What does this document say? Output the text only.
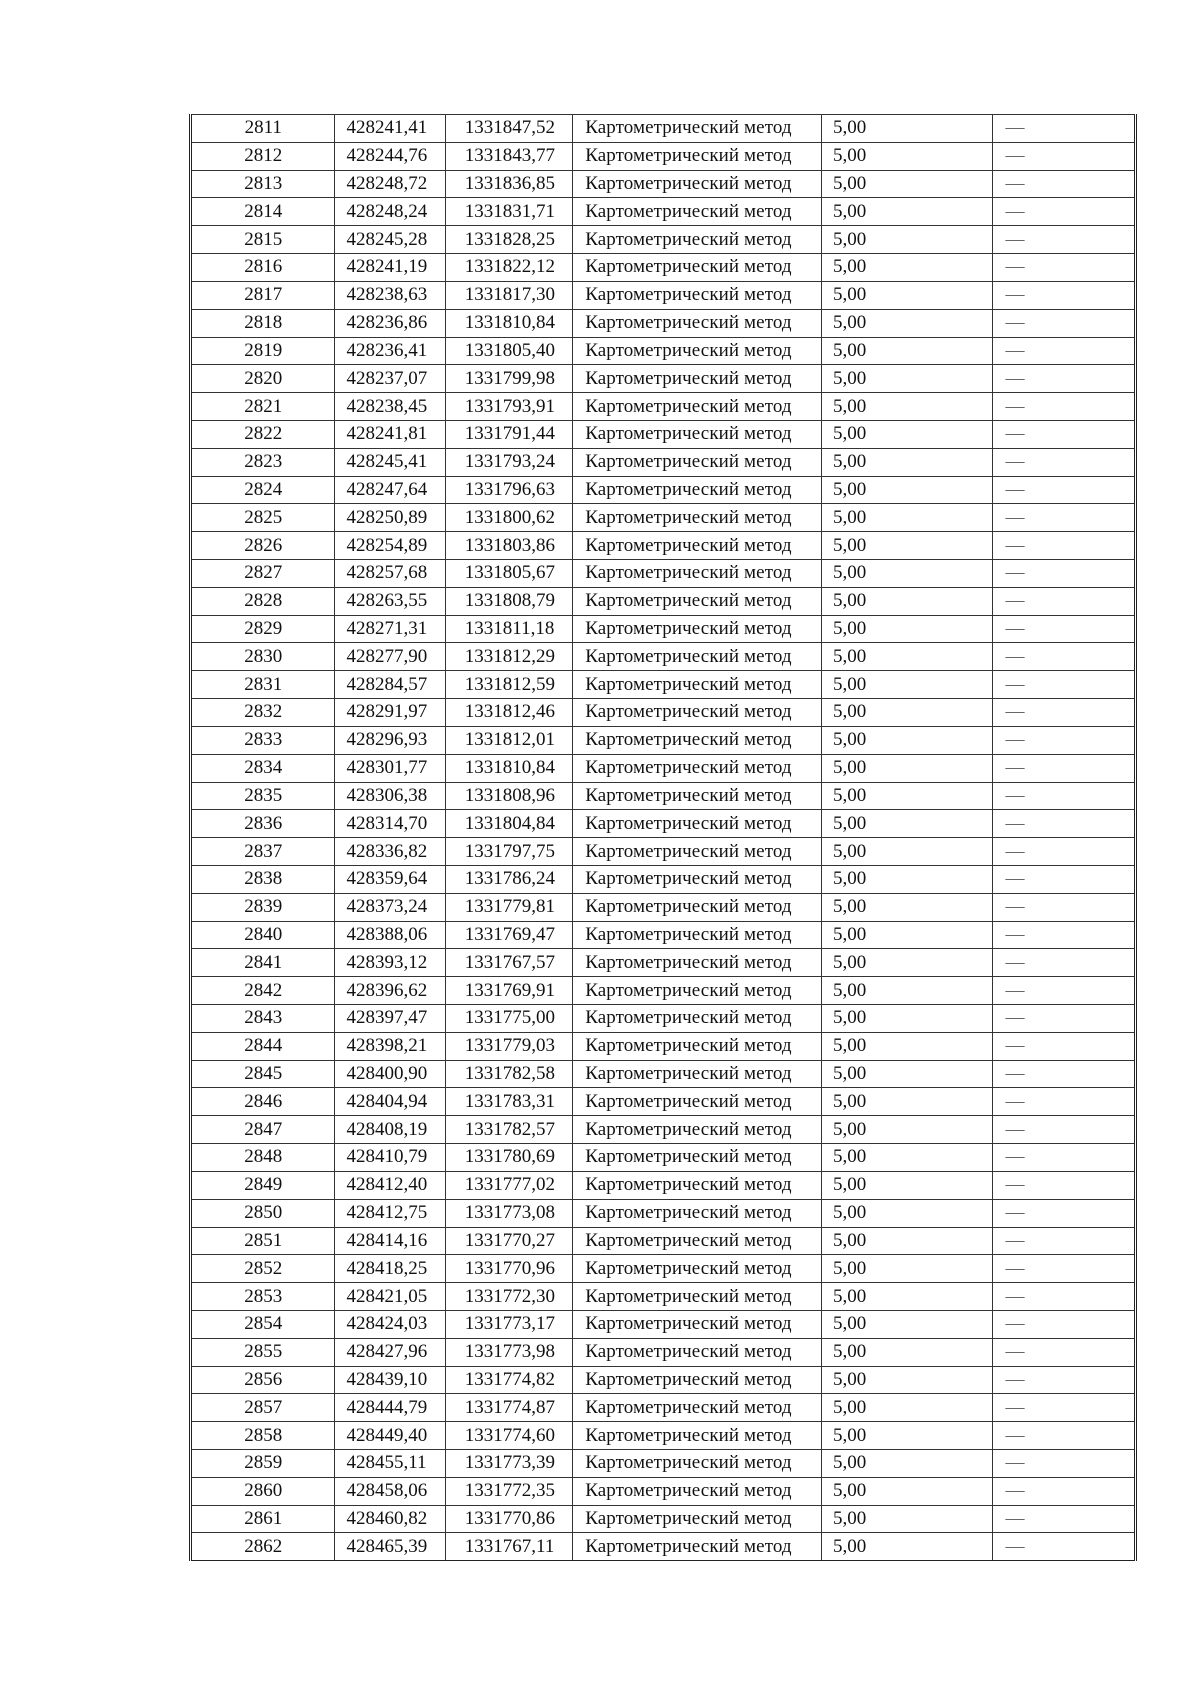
2811	428241,41	1331847,52	Картометрический метод	5,00	—
2812	428244,76	1331843,77	Картометрический метод	5,00	—
2813	428248,72	1331836,85	Картометрический метод	5,00	—
2814	428248,24	1331831,71	Картометрический метод	5,00	—
2815	428245,28	1331828,25	Картометрический метод	5,00	—
2816	428241,19	1331822,12	Картометрический метод	5,00	—
2817	428238,63	1331817,30	Картометрический метод	5,00	—
2818	428236,86	1331810,84	Картометрический метод	5,00	—
2819	428236,41	1331805,40	Картометрический метод	5,00	—
2820	428237,07	1331799,98	Картометрический метод	5,00	—
2821	428238,45	1331793,91	Картометрический метод	5,00	—
2822	428241,81	1331791,44	Картометрический метод	5,00	—
2823	428245,41	1331793,24	Картометрический метод	5,00	—
2824	428247,64	1331796,63	Картометрический метод	5,00	—
2825	428250,89	1331800,62	Картометрический метод	5,00	—
2826	428254,89	1331803,86	Картометрический метод	5,00	—
2827	428257,68	1331805,67	Картометрический метод	5,00	—
2828	428263,55	1331808,79	Картометрический метод	5,00	—
2829	428271,31	1331811,18	Картометрический метод	5,00	—
2830	428277,90	1331812,29	Картометрический метод	5,00	—
2831	428284,57	1331812,59	Картометрический метод	5,00	—
2832	428291,97	1331812,46	Картометрический метод	5,00	—
2833	428296,93	1331812,01	Картометрический метод	5,00	—
2834	428301,77	1331810,84	Картометрический метод	5,00	—
2835	428306,38	1331808,96	Картометрический метод	5,00	—
2836	428314,70	1331804,84	Картометрический метод	5,00	—
2837	428336,82	1331797,75	Картометрический метод	5,00	—
2838	428359,64	1331786,24	Картометрический метод	5,00	—
2839	428373,24	1331779,81	Картометрический метод	5,00	—
2840	428388,06	1331769,47	Картометрический метод	5,00	—
2841	428393,12	1331767,57	Картометрический метод	5,00	—
2842	428396,62	1331769,91	Картометрический метод	5,00	—
2843	428397,47	1331775,00	Картометрический метод	5,00	—
2844	428398,21	1331779,03	Картометрический метод	5,00	—
2845	428400,90	1331782,58	Картометрический метод	5,00	—
2846	428404,94	1331783,31	Картометрический метод	5,00	—
2847	428408,19	1331782,57	Картометрический метод	5,00	—
2848	428410,79	1331780,69	Картометрический метод	5,00	—
2849	428412,40	1331777,02	Картометрический метод	5,00	—
2850	428412,75	1331773,08	Картометрический метод	5,00	—
2851	428414,16	1331770,27	Картометрический метод	5,00	—
2852	428418,25	1331770,96	Картометрический метод	5,00	—
2853	428421,05	1331772,30	Картометрический метод	5,00	—
2854	428424,03	1331773,17	Картометрический метод	5,00	—
2855	428427,96	1331773,98	Картометрический метод	5,00	—
2856	428439,10	1331774,82	Картометрический метод	5,00	—
2857	428444,79	1331774,87	Картометрический метод	5,00	—
2858	428449,40	1331774,60	Картометрический метод	5,00	—
2859	428455,11	1331773,39	Картометрический метод	5,00	—
2860	428458,06	1331772,35	Картометрический метод	5,00	—
2861	428460,82	1331770,86	Картометрический метод	5,00	—
2862	428465,39	1331767,11	Картометрический метод	5,00	—
